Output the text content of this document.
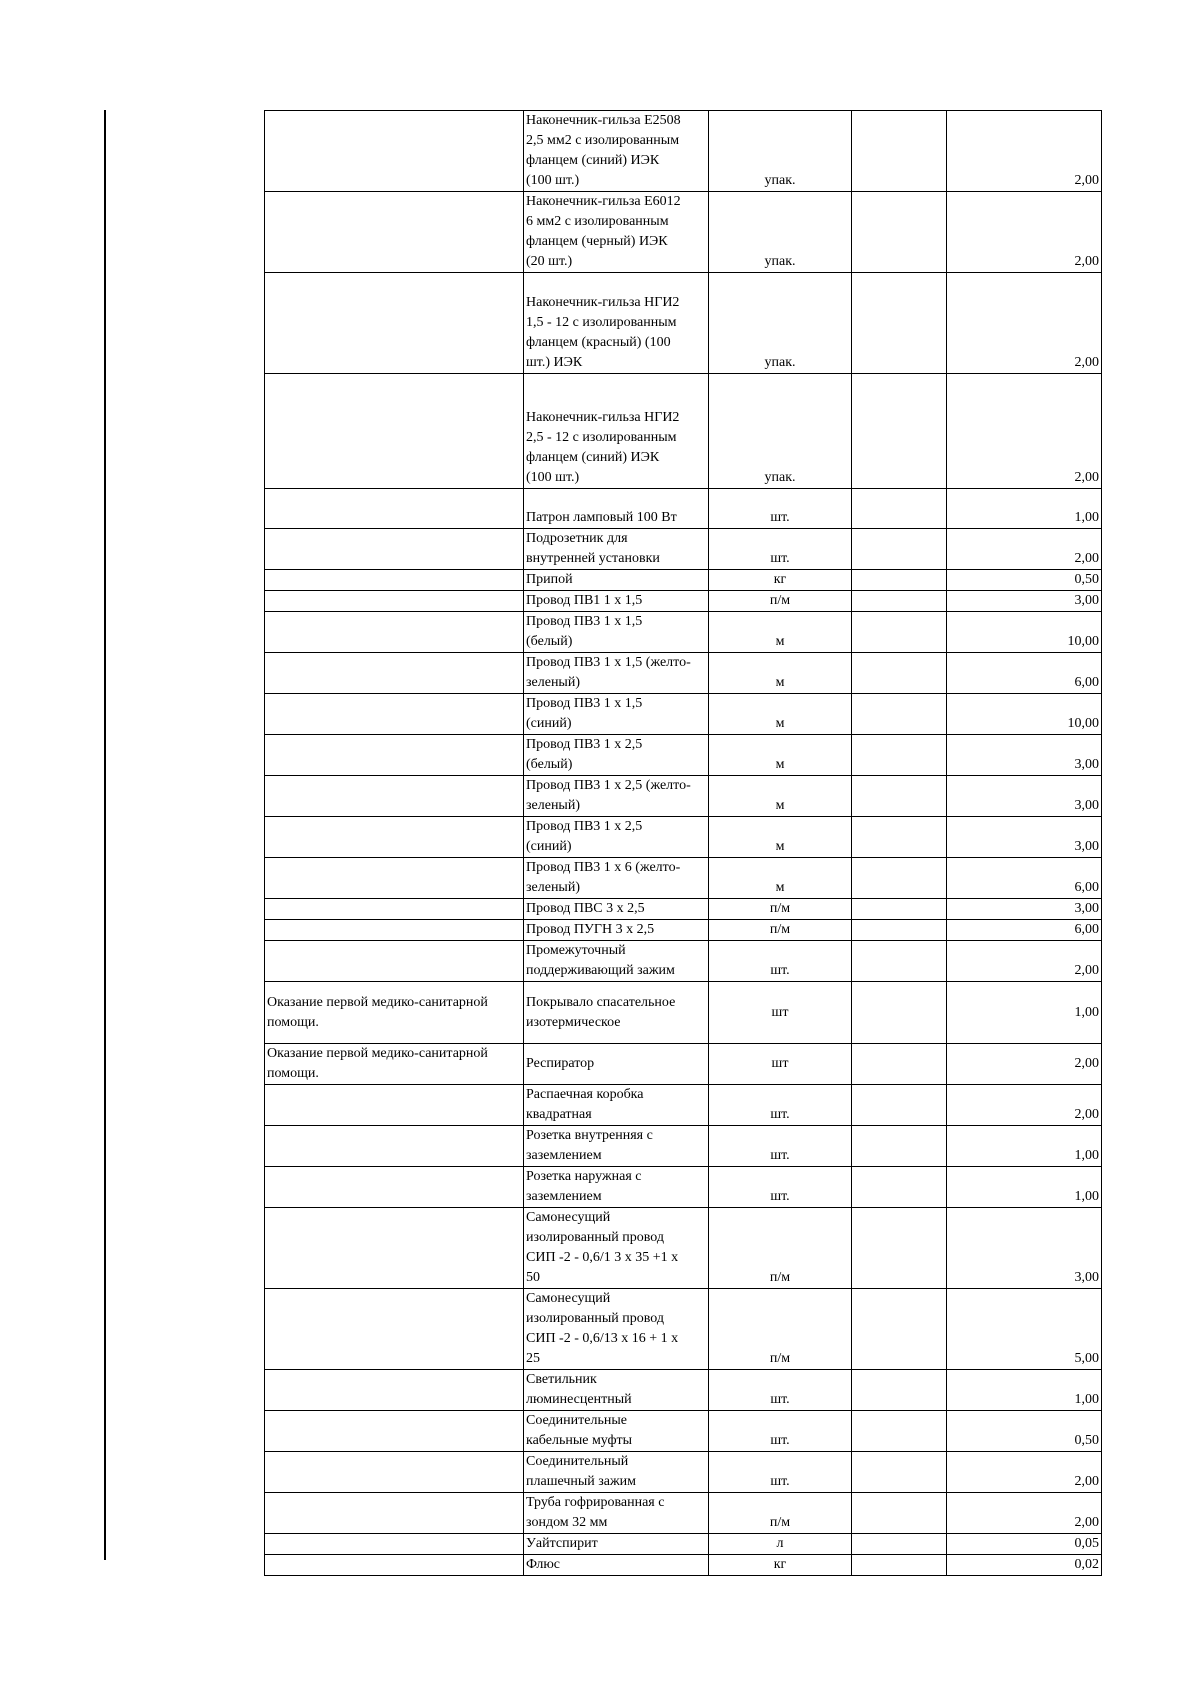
	Наконечник-гильза Е2508
2,5 мм2 с изолированным
фланцем (синий) ИЭК
(100 шт.)	упак.		2,00
	Наконечник-гильза Е6012
6 мм2 с изолированным
фланцем (черный) ИЭК
(20 шт.)	упак.		2,00
	Наконечник-гильза НГИ2
1,5 - 12 с изолированным
фланцем (красный) (100
шт.) ИЭК	упак.		2,00
	Наконечник-гильза НГИ2
2,5 - 12 с изолированным
фланцем (синий) ИЭК
(100 шт.)	упак.		2,00
	Патрон ламповый 100 Вт	шт.		1,00
	Подрозетник для
внутренней установки	шт.		2,00
	Припой	кг		0,50
	Провод ПВ1 1 х 1,5	п/м		3,00
	Провод ПВ3 1 х 1,5
(белый)	м		10,00
	Провод ПВ3 1 х 1,5 (желто-
зеленый)	м		6,00
	Провод ПВ3 1 х 1,5
(синий)	м		10,00
	Провод ПВ3 1 х 2,5
(белый)	м		3,00
	Провод ПВ3 1 х 2,5 (желто-
зеленый)	м		3,00
	Провод ПВ3 1 х 2,5
(синий)	м		3,00
	Провод ПВ3 1 х 6 (желто-
зеленый)	м		6,00
	Провод ПВС 3 х 2,5	п/м		3,00
	Провод ПУГН 3 х 2,5	п/м		6,00
	Промежуточный
поддерживающий зажим	шт.		2,00
Оказание первой медико-санитарной помощи.	Покрывало спасательное
изотермическое	шт		1,00
Оказание первой медико-санитарной помощи.	Респиратор	шт		2,00
	Распаечная коробка
квадратная	шт.		2,00
	Розетка внутренняя с
заземлением	шт.		1,00
	Розетка наружная с
заземлением	шт.		1,00
	Самонесущий
изолированный провод
СИП -2 - 0,6/1 3 х 35 +1 х
50	п/м		3,00
	Самонесущий
изолированный провод
СИП -2 - 0,6/13 х 16 + 1 х
25	п/м		5,00
	Светильник
люминесцентный	шт.		1,00
	Соединительные
кабельные муфты	шт.		0,50
	Соединительный
плашечный зажим	шт.		2,00
	Труба гофрированная с
зондом 32 мм	п/м		2,00
	Уайтспирит	л		0,05
	Флюс	кг		0,02
